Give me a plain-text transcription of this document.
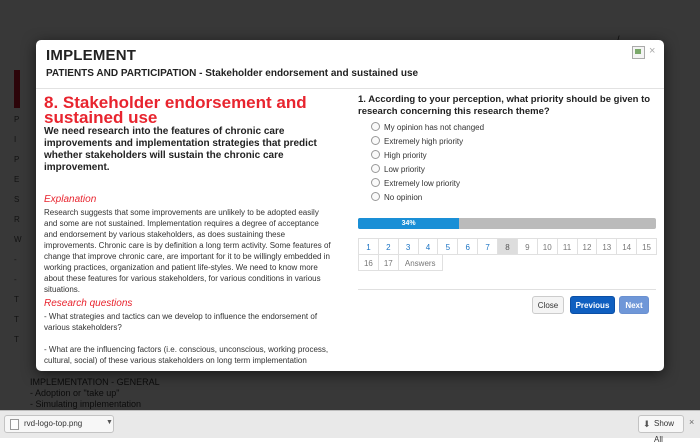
IMPLEMENT
PATIENTS AND PARTICIPATION - Stakeholder endorsement and sustained use
×
8. Stakeholder endorsement and sustained use
We need research into the features of chronic care improvements and implementation strategies that predict whether stakeholders will sustain the chronic care improvement.
Explanation
Research suggests that some improvements are unlikely to be adopted easily and some are not sustained. Implementation requires a degree of acceptance and endorsement by various stakeholders, as does sustaining these improvements. Chronic care is by definition a long term activity. Some features of change that improve chronic care, are important for it to be willingly embedded in working practices, organization and patient life-styles. We need to know more about these features for various stakeholders, for various conditions in various situations.
Research questions
- What strategies and tactics can we develop to influence the endorsement of various stakeholders?
- What are the influencing factors (i.e. conscious, unconscious, working process, cultural, social) of these various stakeholders on long term implementation
1. According to your perception, what priority should be given to research concerning this research theme?
My opinion has not changed
Extremely high priority
High priority
Low priority
Extremely low priority
No opinion
34%
1	2	3	4	5	6	7	8	9	10	11	12	13	14	15
16	17	Answers
Close	Previous	Next
rvd-logo-top.png	▼	⬇ Show All
×
